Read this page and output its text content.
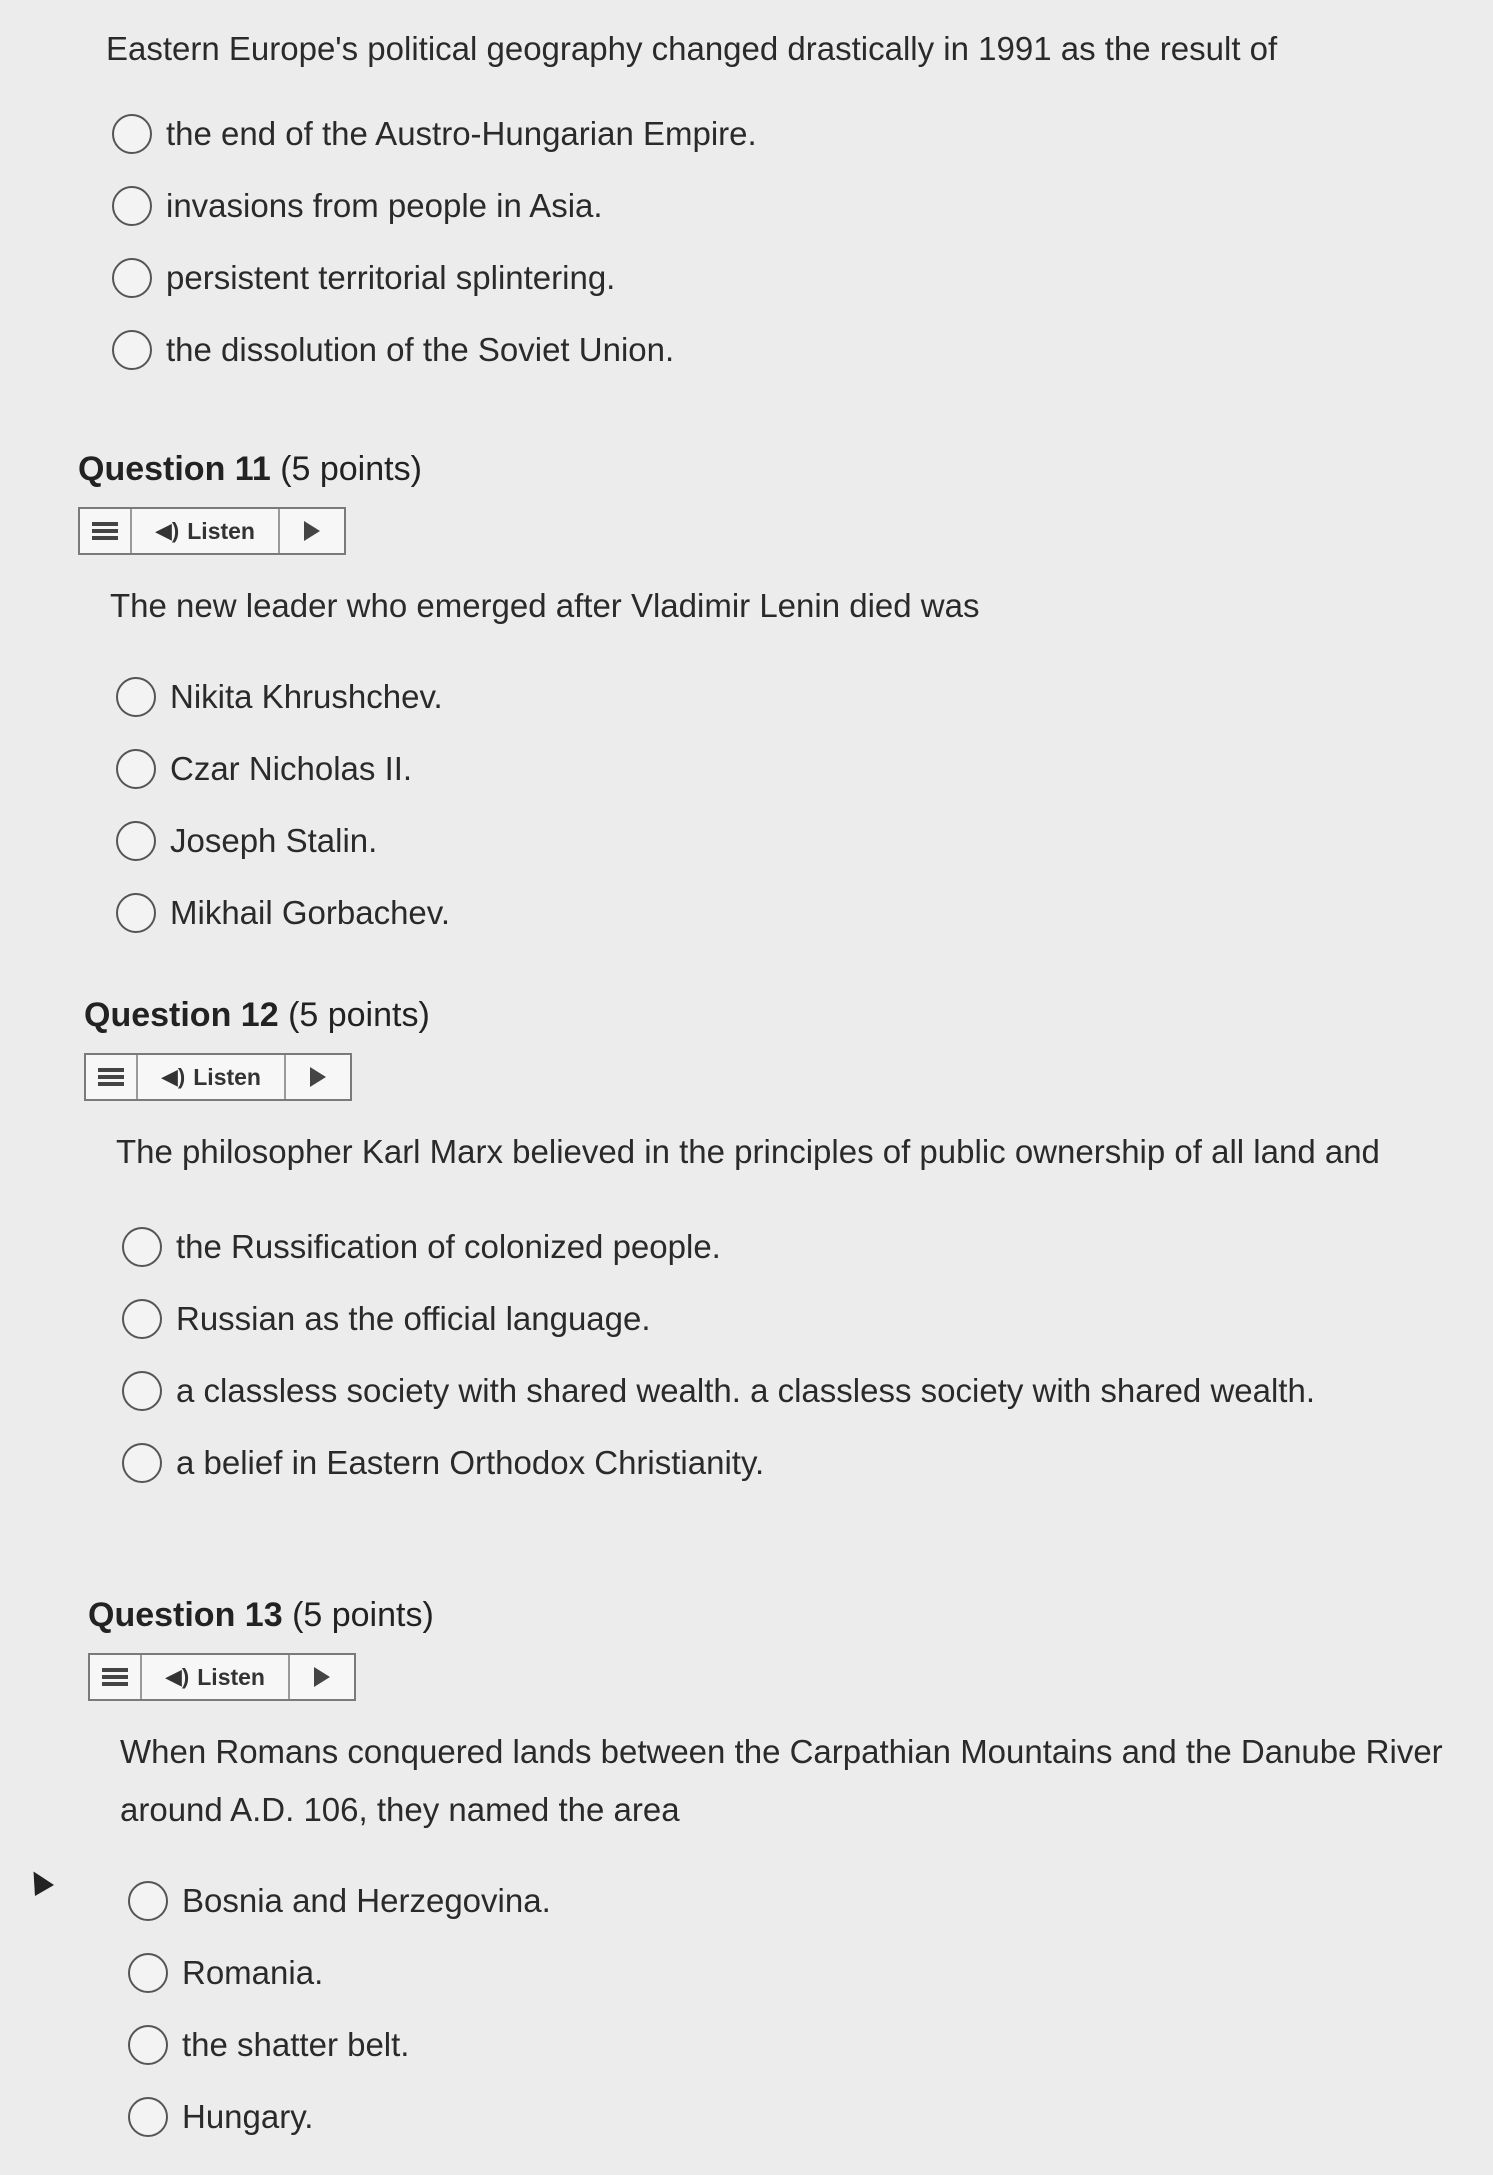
Eastern Europe's political geography changed drastically in 1991 as the result of
the end of the Austro-Hungarian Empire.
invasions from people in Asia.
persistent territorial splintering.
the dissolution of the Soviet Union.
Question 11 (5 points)
◀) Listen
The new leader who emerged after Vladimir Lenin died was
Nikita Khrushchev.
Czar Nicholas II.
Joseph Stalin.
Mikhail Gorbachev.
Question 12 (5 points)
◀) Listen
The philosopher Karl Marx believed in the principles of public ownership of all land and
the Russification of colonized people.
Russian as the official language.
a classless society with shared wealth. a classless society with shared wealth.
a belief in Eastern Orthodox Christianity.
Question 13 (5 points)
◀) Listen
When Romans conquered lands between the Carpathian Mountains and the Danube River around A.D. 106, they named the area
Bosnia and Herzegovina.
Romania.
the shatter belt.
Hungary.
